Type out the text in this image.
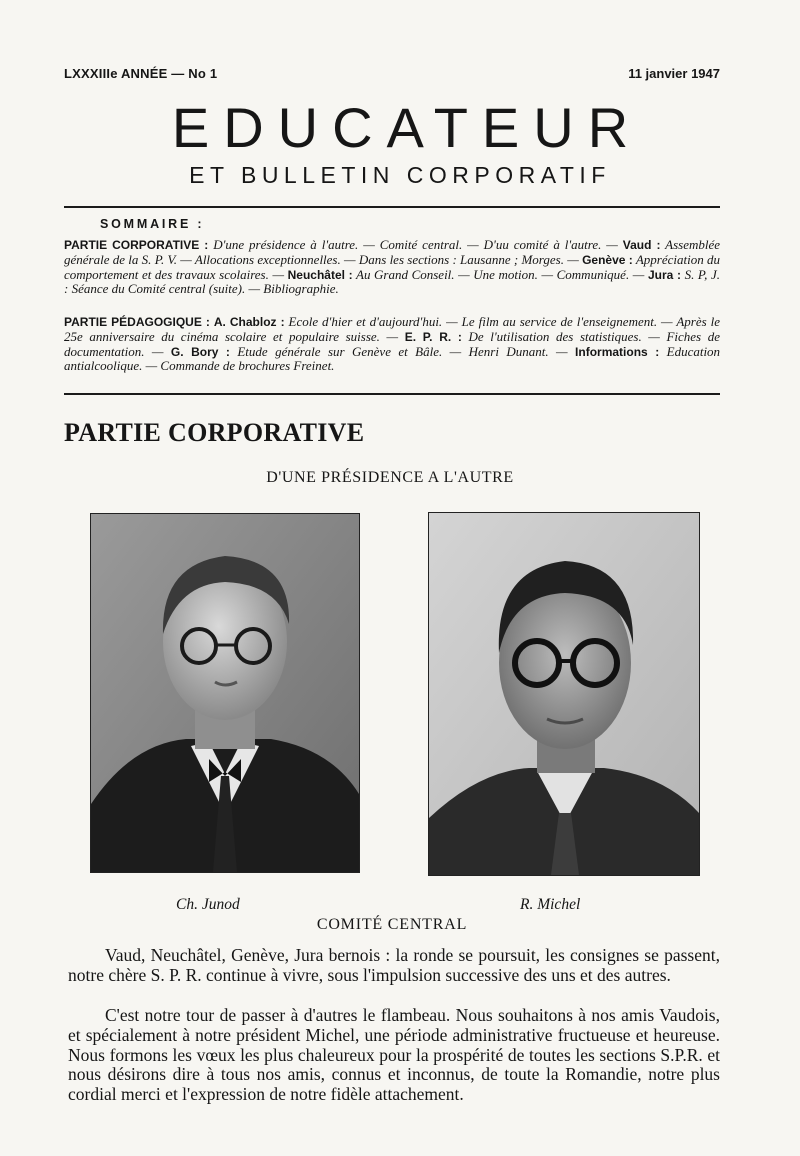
LXXXIIIe ANNÉE — No 1	11 janvier 1947
EDUCATEUR
ET BULLETIN CORPORATIF
SOMMAIRE :
PARTIE CORPORATIVE : D'une présidence à l'autre. — Comité central. — D'uu comité à l'autre. — Vaud : Assemblée générale de la S. P. V. — Allocations exceptionnelles. — Dans les sections : Lausanne ; Morges. — Genève : Appréciation du comportement et des travaux scolaires. — Neuchâtel : Au Grand Conseil. — Une motion. — Communiqué. — Jura : S. P, J. : Séance du Comité central (suite). — Bibliographie.
PARTIE PÉDAGOGIQUE : A. Chabloz : Ecole d'hier et d'aujourd'hui. — Le film au service de l'enseignement. — Après le 25e anniversaire du cinéma scolaire et populaire suisse. — E. P. R. : De l'utilisation des statistiques. — Fiches de documentation. — G. Bory : Etude générale sur Genève et Bâle. — Henri Dunant. — Informations : Education antialcoolique. — Commande de brochures Freinet.
PARTIE CORPORATIVE
D'UNE PRÉSIDENCE A L'AUTRE
Ch. Junod	R. Michel
COMITÉ CENTRAL
Vaud, Neuchâtel, Genève, Jura bernois : la ronde se poursuit, les consignes se passent, notre chère S. P. R. continue à vivre, sous l'impulsion successive des uns et des autres.
C'est notre tour de passer à d'autres le flambeau. Nous souhaitons à nos amis Vaudois, et spécialement à notre président Michel, une période administrative fructueuse et heureuse. Nous formons les vœux les plus chaleureux pour la prospérité de toutes les sections S.P.R. et nous désirons dire à tous nos amis, connus et inconnus, de toute la Romandie, notre plus cordial merci et l'expression de notre fidèle attachement.
